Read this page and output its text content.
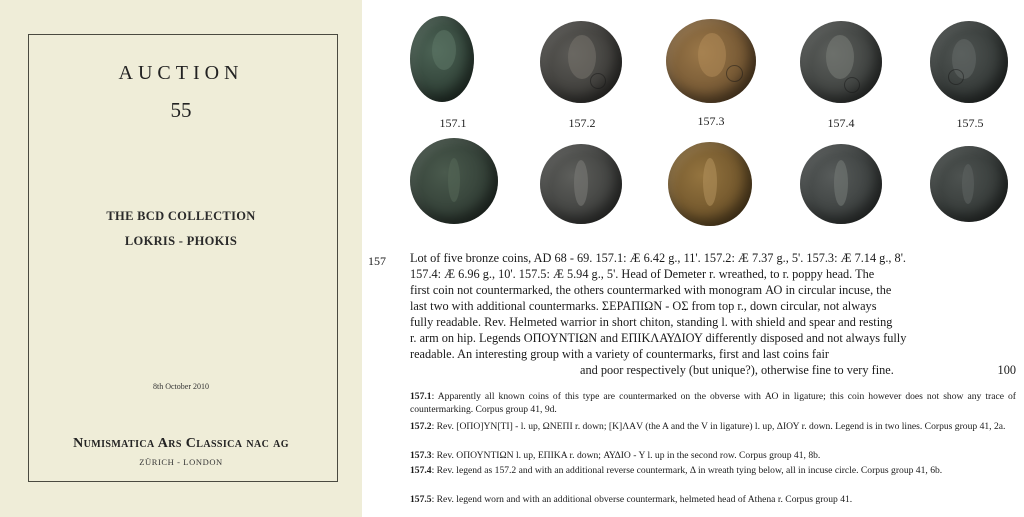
AUCTION
55
THE BCD COLLECTION
LOKRIS - PHOKIS
8th October 2010
Numismatica Ars Classica nac ag
ZÜRICH - LONDON
157.1	157.2	157.3	157.4	157.5
157 Lot of five bronze coins, AD 68 - 69. 157.1: Æ 6.42 g., 11'. 157.2: Æ 7.37 g., 5'. 157.3: Æ 7.14 g., 8'.
157.4: Æ 6.96 g., 10'. 157.5: Æ 5.94 g., 5'. Head of Demeter r. wreathed, to r. poppy head. The
first coin not countermarked, the others countermarked with monogram ΑΟ in circular incuse, the
last two with additional countermarks. ΣΕΡΑΠΙΩΝ - ΟΣ from top r., down circular, not always
fully readable. Rev. Helmeted warrior in short chiton, standing l. with shield and spear and resting
r. arm on hip. Legends ΟΠΟΥΝΤΙΩΝ and ΕΠΙΚΛΑΥΔΙΟΥ differently disposed and not always fully
readable. An interesting group with a variety of countermarks, first and last coins fair
and poor respectively (but unique?), otherwise fine to very fine.	100

157.1: Apparently all known coins of this type are countermarked on the obverse with ΑΟ in ligature; this coin however does not show any trace of countermarking. Corpus group 41, 9d.

157.2: Rev. [ΟΠΟ]ΥΝ[ΤΙ] - l. up, ΩΝΕΠΙ r. down; [Κ]ΛΑV (the A and the V in ligature) l. up, ΔΙΟΥ r. down. Legend is in two lines. Corpus group 41, 2a.

157.3: Rev. ΟΠΟΥΝΤΙΩΝ l. up, ΕΠΙΚΑ r. down; ΑΥΔΙΟ - Υ l. up in the second row. Corpus group 41, 8b.

157.4: Rev. legend as 157.2 and with an additional reverse countermark, Δ in wreath tying below, all in incuse circle. Corpus group 41, 6b.

157.5: Rev. legend worn and with an additional obverse countermark, helmeted head of Athena r. Corpus group 41.
